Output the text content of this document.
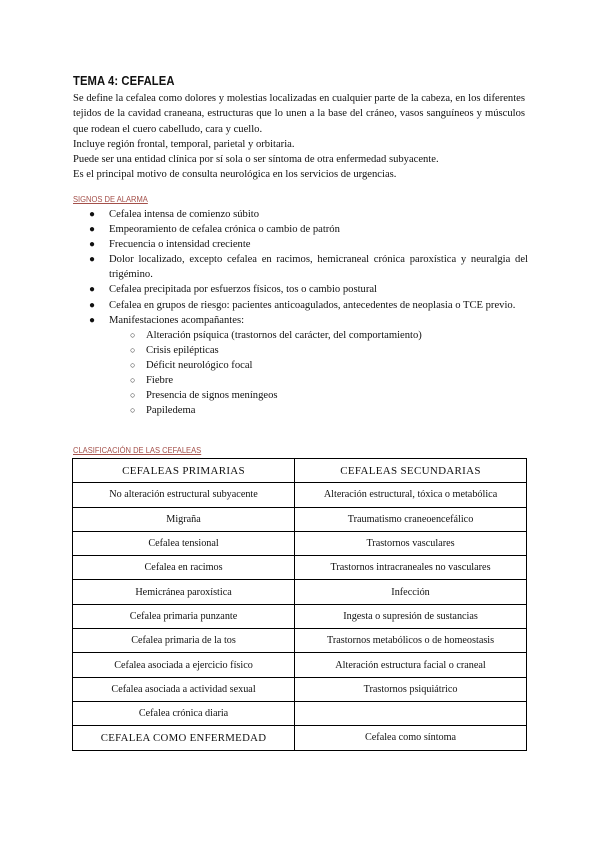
TEMA 4: CEFALEA

Se define la cefalea como dolores y molestias localizadas en cualquier parte de la cabeza, en los diferentes tejidos de la cavidad craneana, estructuras que lo unen a la base del cráneo, vasos sanguíneos y músculos que rodean el cuero cabelludo, cara y cuello.

Incluye región frontal, temporal, parietal y orbitaria.

Puede ser una entidad clínica por sí sola o ser síntoma de otra enfermedad subyacente.

Es el principal motivo de consulta neurológica en los servicios de urgencias.

SIGNOS DE ALARMA
● Cefalea intensa de comienzo súbito
● Empeoramiento de cefalea crónica o cambio de patrón
● Frecuencia o intensidad creciente
● Dolor localizado, excepto cefalea en racimos, hemicraneal crónica paroxística y neuralgia del trigémino.
● Cefalea precipitada por esfuerzos físicos, tos o cambio postural
● Cefalea en grupos de riesgo: pacientes anticoagulados, antecedentes de neoplasia o TCE previo.
● Manifestaciones acompañantes:
○ Alteración psíquica (trastornos del carácter, del comportamiento)
○ Crisis epilépticas
○ Déficit neurológico focal
○ Fiebre
○ Presencia de signos meníngeos
○ Papiledema
CLASIFICACIÓN DE LAS CEFALEAS
CEFALEAS PRIMARIAS	CEFALEAS SECUNDARIAS
No alteración estructural subyacente	Alteración estructural, tóxica o metabólica
Migraña	Traumatismo craneoencefálico
Cefalea tensional	Trastornos vasculares
Cefalea en racimos	Trastornos intracraneales no vasculares
Hemicránea paroxística	Infección
Cefalea primaria punzante	Ingesta o supresión de sustancias
Cefalea primaria de la tos	Trastornos metabólicos o de homeostasis
Cefalea asociada a ejercicio físico	Alteración estructura facial o craneal
Cefalea asociada a actividad sexual	Trastornos psiquiátrico
Cefalea crónica diaria	
CEFALEA COMO ENFERMEDAD	Cefalea como síntoma
